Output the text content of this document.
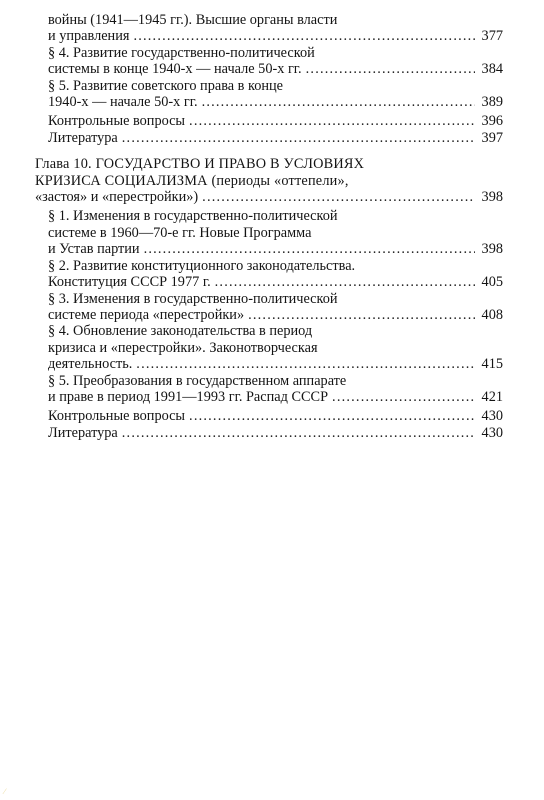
войны (1941—1945 гг.). Высшие органы власти
и управления .....	377
§ 4. Развитие государственно-политической
системы в конце 1940-х — начале 50-х гг. .....	384
§ 5. Развитие советского права в конце
1940-х — начале 50-х гг. .....	389
Контрольные вопросы .....	396
Литература .....	397
Глава 10. ГОСУДАРСТВО И ПРАВО В УСЛОВИЯХ
КРИЗИСА СОЦИАЛИЗМА (периоды «оттепели»,
«застоя» и «перестройки») .....	398
§ 1. Изменения в государственно-политической
системе в 1960—70-е гг. Новые Программа
и Устав партии .....	398
§ 2. Развитие конституционного законодательства.
Конституция СССР 1977 г. .....	405
§ 3. Изменения в государственно-политической
системе периода «перестройки» .....	408
§ 4. Обновление законодательства в период
кризиса и «перестройки». Законотворческая
деятельность. .....	415
§ 5. Преобразования в государственном аппарате
и праве в период 1991—1993 гг. Распад СССР .....	421
Контрольные вопросы .....	430
Литература .....	430
⁄
